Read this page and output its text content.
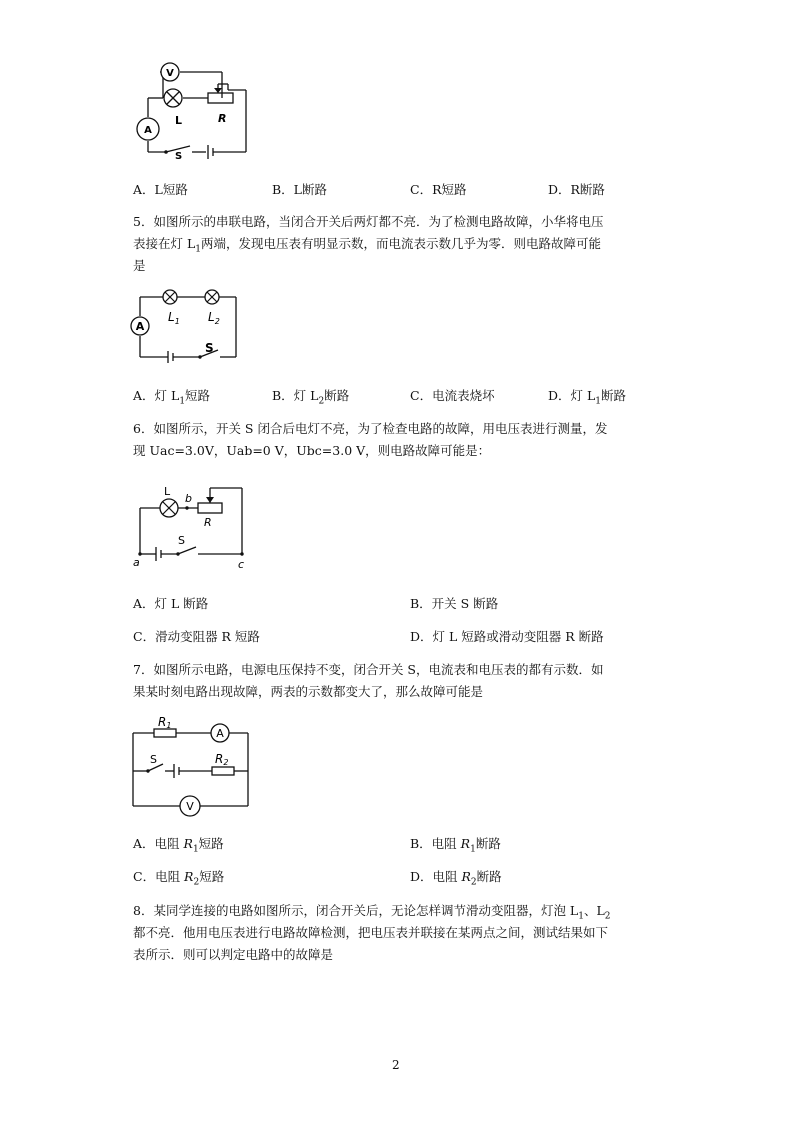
V
L	R
A
S
A．L短路	B．L断路	C．R短路	D．R断路
5．如图所示的串联电路，当闭合开关后两灯都不亮．为了检测电路故障，小华将电压
表接在灯 $L_1$两端，发现电压表有明显示数，而电流表示数几乎为零．则电路故障可能
是
A
$L_1$ $L_2$
S
A．灯 $L_1$短路	B．灯 $L_2$断路	C．电流表烧坏	D．灯 $L_1$断路
6．如图所示，开关 S 闭合后电灯不亮，为了检查电路的故障，用电压表进行测量，发
现 Uac=3.0V，Uab=0 V，Ubc=3.0 V，则电路故障可能是：
L
b
R
S
a	c
A．灯 L 断路	B．开关 S 断路
C．滑动变阻器 R 短路	D．灯 L 短路或滑动变阻器 R 断路
7．如图所示电路，电源电压保持不变，闭合开关 S，电流表和电压表的都有示数．如
果某时刻电路出现故障，两表的示数都变大了，那么故障可能是
R1
A
S	R2
V
A．电阻 $R_1$短路	B．电阻 $R_1$断路
C．电阻 $R_2$短路	D．电阻 $R_2$断路
8．某同学连接的电路如图所示，闭合开关后，无论怎样调节滑动变阻器，灯泡 $L_1$、$L_2$
都不亮．他用电压表进行电路故障检测，把电压表并联接在某两点之间，测试结果如下
表所示．则可以判定电路中的故障是
2
